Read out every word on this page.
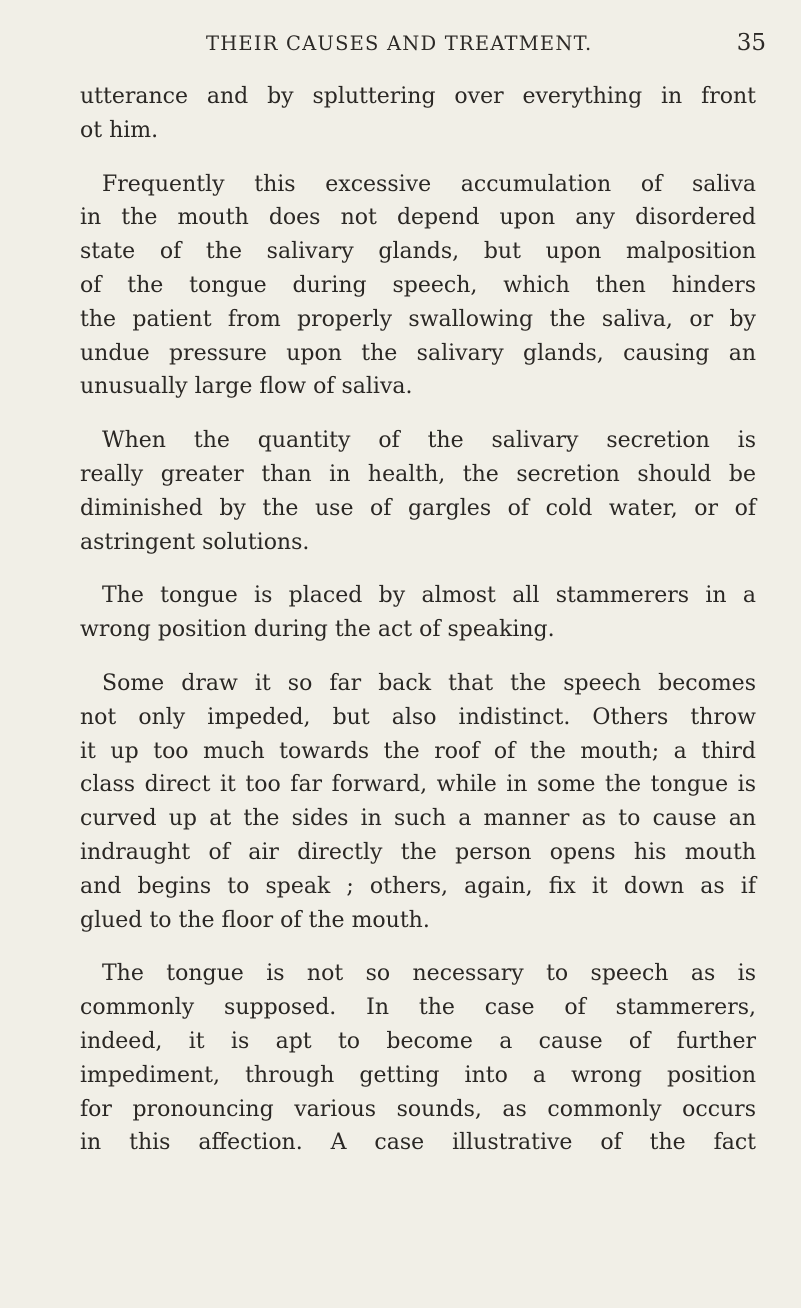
THEIR CAUSES AND TREATMENT.	35

utterance and by spluttering over everything in front
ot him.

Frequently this excessive accumulation of saliva
in the mouth does not depend upon any disordered
state of the salivary glands, but upon malposition
of the tongue during speech, which then hinders
the patient from properly swallowing the saliva, or by
undue pressure upon the salivary glands, causing an
unusually large flow of saliva.

When the quantity of the salivary secretion is
really greater than in health, the secretion should be
diminished by the use of gargles of cold water, or of
astringent solutions.

The tongue is placed by almost all stammerers in a
wrong position during the act of speaking.

Some draw it so far back that the speech becomes
not only impeded, but also indistinct. Others throw
it up too much towards the roof of the mouth; a third
class direct it too far forward, while in some the tongue is
curved up at the sides in such a manner as to cause an
indraught of air directly the person opens his mouth
and begins to speak ; others, again, fix it down as if
glued to the floor of the mouth.

The tongue is not so necessary to speech as is
commonly supposed. In the case of stammerers,
indeed, it is apt to become a cause of further
impediment, through getting into a wrong position
for pronouncing various sounds, as commonly occurs
in this affection. A case illustrative of the fact
